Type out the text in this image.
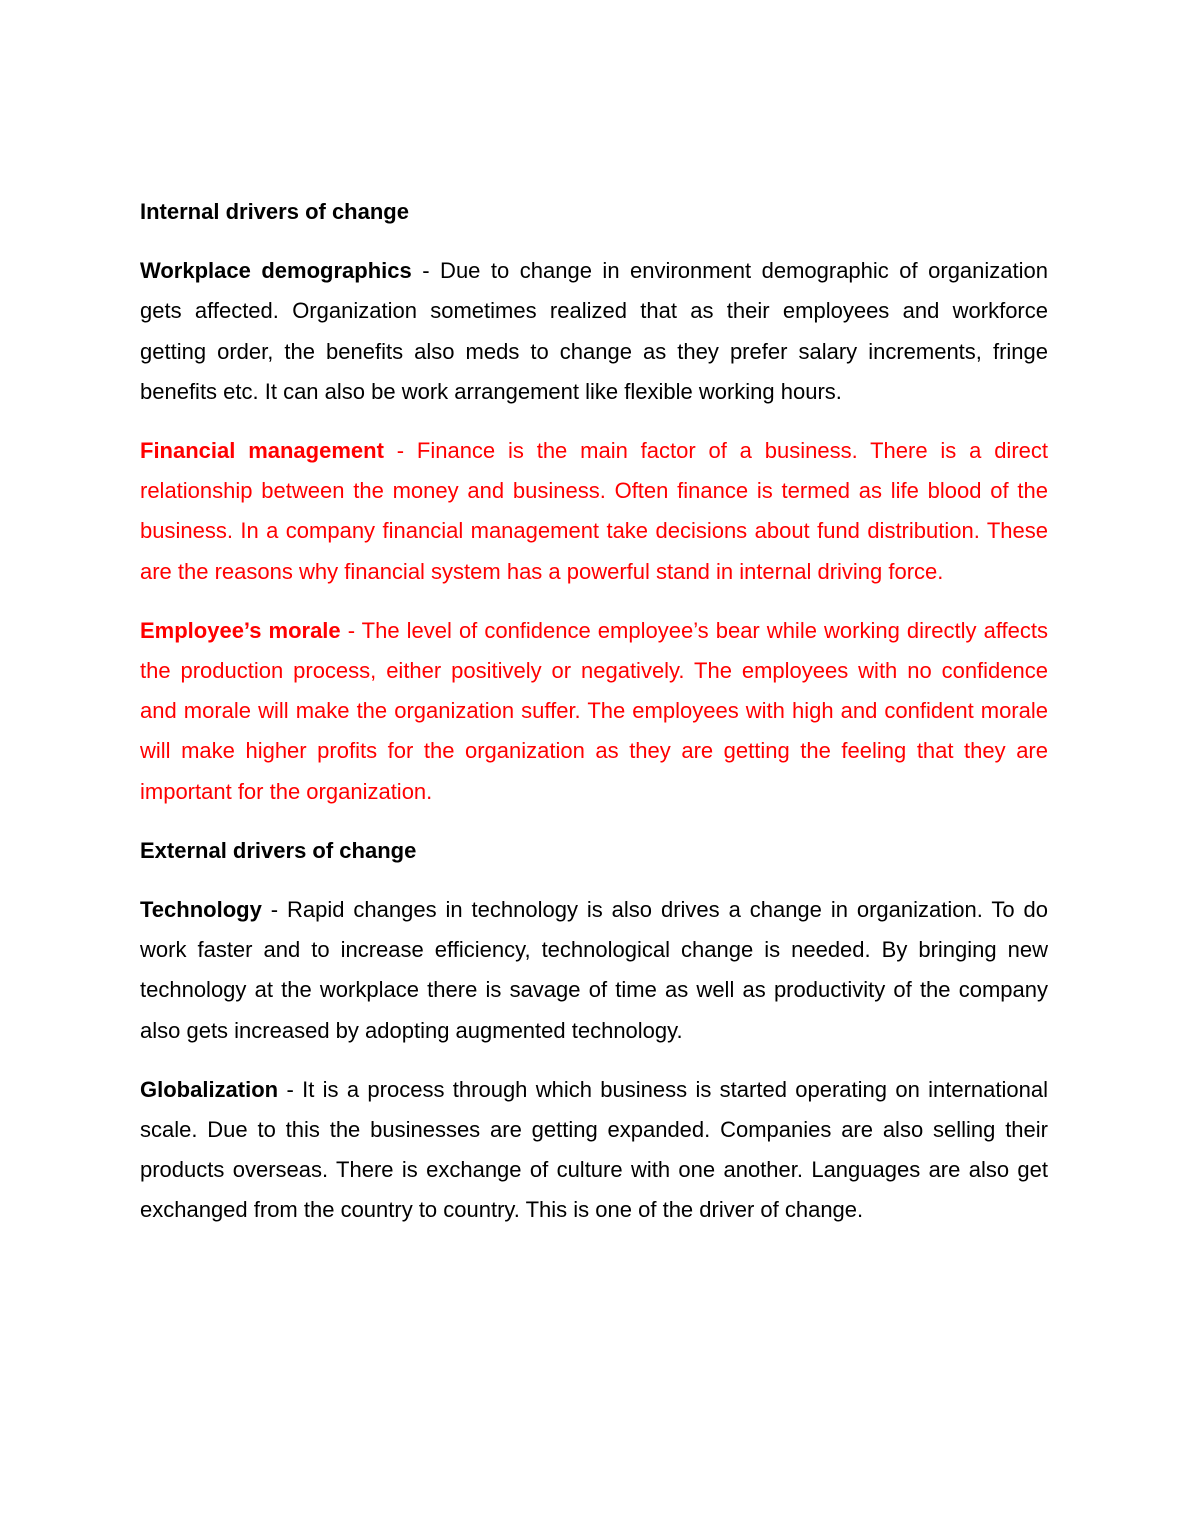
Internal drivers of change

Workplace demographics - Due to change in environment demographic of organization gets affected. Organization sometimes realized that as their employees and workforce getting order, the benefits also meds to change as they prefer salary increments, fringe benefits etc. It can also be work arrangement like flexible working hours.

Financial management - Finance is the main factor of a business. There is a direct relationship between the money and business. Often finance is termed as life blood of the business. In a company financial management take decisions about fund distribution. These are the reasons why financial system has a powerful stand in internal driving force.

Employee’s morale - The level of confidence employee’s bear while working directly affects the production process, either positively or negatively. The employees with no confidence and morale will make the organization suffer. The employees with high and confident morale will make higher profits for the organization as they are getting the feeling that they are important for the organization.

External drivers of change

Technology - Rapid changes in technology is also drives a change in organization. To do work faster and to increase efficiency, technological change is needed. By bringing new technology at the workplace there is savage of time as well as productivity of the company also gets increased by adopting augmented technology.

Globalization - It is a process through which business is started operating on international scale. Due to this the businesses are getting expanded. Companies are also selling their products overseas. There is exchange of culture with one another. Languages are also get exchanged from the country to country. This is one of the driver of change.
